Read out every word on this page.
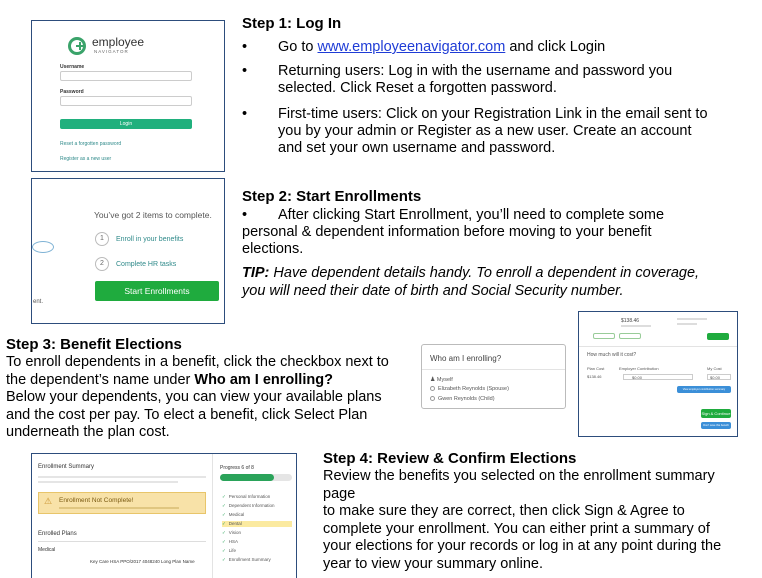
employee
NAVIGATOR
Username
Password
Login
Reset a forgotten password
Register as a new user
Step 1: Log In
• Go to www.employeenavigator.com and click Login
• Returning users: Log in with the username and password you
selected. Click Reset a forgotten password.
• First-time users: Click on your Registration Link in the email sent to
you by your admin or Register as a new user. Create an account
and set your own username and password.
ent.
You’ve got 2 items to complete.
1	Enroll in your benefits
2	Complete HR tasks
Start Enrollments
Step 2: Start Enrollments
• After clicking Start Enrollment, you’ll need to complete some
personal & dependent information before moving to your benefit
elections.
TIP: Have dependent details handy. To enroll a dependent in coverage,
you will need their date of birth and Social Security number.
Step 3: Benefit Elections
To enroll dependents in a benefit, click the checkbox next to
the dependent’s name under Who am I enrolling?
Below your dependents, you can view your available plans
and the cost per pay. To elect a benefit, click Select Plan
underneath the plan cost.
Who am I enrolling?
♟ Myself
Elizabeth Reynolds (Spouse)
Gwen Reynolds (Child)
$138.46
How much will it cost?
Plan Cost	Employer Contribution	My Cost
$138.46	$0.00	$0.00
View employer contribution summary
Sign & Continue
Don't save this benefit
Enrollment Summary
⚠ Enrollment Not Complete!
Enrolled Plans
Medical
Key Care HSA PPO/2017 4048240 Long Plan Name
Progress 6 of 8
✓ Personal Information
✓ Dependent Information
✓ Medical
✓ Dental
✓ Vision
✓ HSA
✓ Life
✓ Enrollment Summary
Step 4: Review & Confirm Elections
Review the benefits you selected on the enrollment summary
page
to make sure they are correct, then click Sign & Agree to
complete your enrollment. You can either print a summary of
your elections for your records or log in at any point during the
year to view your summary online.
